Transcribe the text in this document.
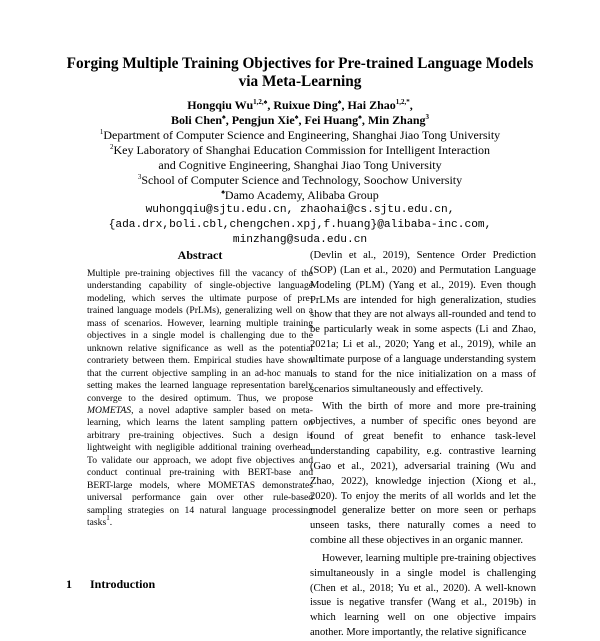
Forging Multiple Training Objectives for Pre-trained Language Models
via Meta-Learning
Hongqiu $Wu^{1,2,♠}$, Ruixue Ding♠, Hai Zhao$^{1,2,*}$,
Boli Chen♠, Pengjun Xie♠, Fei Huang♠, Min Zhang$^3$
$^1$Department of Computer Science and Engineering, Shanghai Jiao Tong University
$^2$Key Laboratory of Shanghai Education Commission for Intelligent Interaction
and Cognitive Engineering, Shanghai Jiao Tong University
$^3$School of Computer Science and Technology, Soochow University
♠Damo Academy, Alibaba Group
wuhongqiu@sjtu.edu.cn, zhaohai@cs.sjtu.edu.cn,
{ada.drx,boli.cbl,chengchen.xpj,f.huang}@alibaba-inc.com,
minzhang@suda.edu.cn
Abstract

Multiple pre-training objectives fill the vacancy of the understanding capability of single-objective language modeling, which serves the ultimate purpose of pre-trained language models (PrLMs), generalizing well on a mass of scenarios. However, learning multiple training objectives in a single model is challenging due to the unknown relative significance as well as the potential contrariety between them. Empirical studies have shown that the current objective sampling in an ad-hoc manual setting makes the learned language representation barely converge to the desired optimum. Thus, we propose MOMETAS, a novel adaptive sampler based on meta-learning, which learns the latent sampling pattern on arbitrary pre-training objectives. Such a design is lightweight with negligible additional training overhead. To validate our approach, we adopt five objectives and conduct continual pre-training with BERT-base and BERT-large models, where MOMETAS demonstrates universal performance gain over other rule-based sampling strategies on 14 natural language processing tasks$^1$.

1 Introduction

(Devlin et al., 2019), Sentence Order Prediction (SOP) (Lan et al., 2020) and Permutation Language Modeling (PLM) (Yang et al., 2019). Even though PrLMs are intended for high generalization, studies show that they are not always all-rounded and tend to be particularly weak in some aspects (Li and Zhao, 2021a; Li et al., 2020; Yang et al., 2019), while an ultimate purpose of a language understanding system is to stand for the nice initialization on a mass of scenarios simultaneously and effectively.

With the birth of more and more pre-training objectives, a number of specific ones beyond are found of great benefit to enhance task-level understanding capability, e.g. contrastive learning (Gao et al., 2021), adversarial training (Wu and Zhao, 2022), knowledge injection (Xiong et al., 2020). To enjoy the merits of all worlds and let the model generalize better on more seen or perhaps unseen tasks, there naturally comes a need to combine all these objectives in an organic manner.

However, learning multiple pre-training objectives simultaneously in a single model is challenging (Chen et al., 2018; Yu et al., 2020). A well-known issue is negative transfer (Wang et al., 2019b) in which learning well on one objective impairs another. More importantly, the relative significance
